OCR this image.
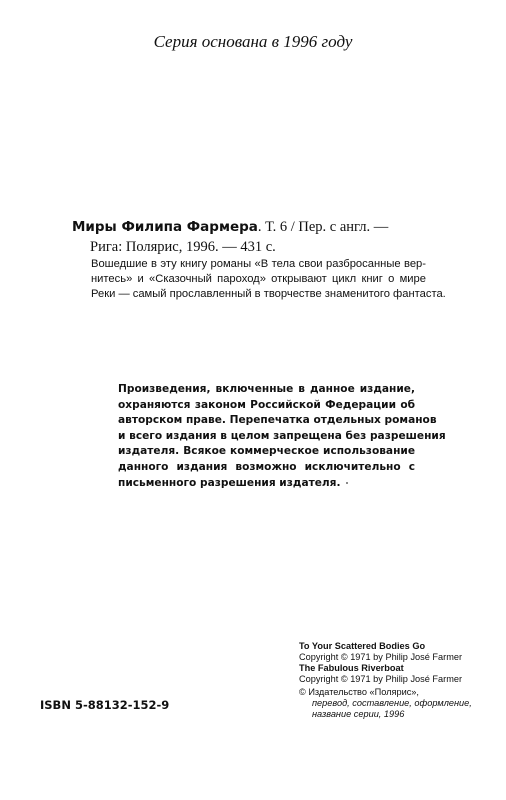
Серия основана в 1996 году
Миры Филипа Фармера. Т. 6 / Пер. с англ. —
Рига: Полярис, 1996. — 431 с.
Вошедшие в эту книгу романы «В тела свои разбросанные вер-
нитесь» и «Сказочный пароход» открывают цикл книг о мире
Реки — самый прославленный в творчестве знаменитого фантаста.
Произведения, включенные в данное издание,
охраняются законом Российской Федерации об
авторском праве. Перепечатка отдельных романов
и всего издания в целом запрещена без разрешения
издателя. Всякое коммерческое использование
данного издания возможно исключительно с
письменного разрешения издателя.
To Your Scattered Bodies Go
Copyright © 1971 by Philip José Farmer
The Fabulous Riverboat
Copyright © 1971 by Philip José Farmer
© Издательство «Полярис»,
перевод, составление, оформление,
название серии, 1996
ISBN 5-88132-152-9
